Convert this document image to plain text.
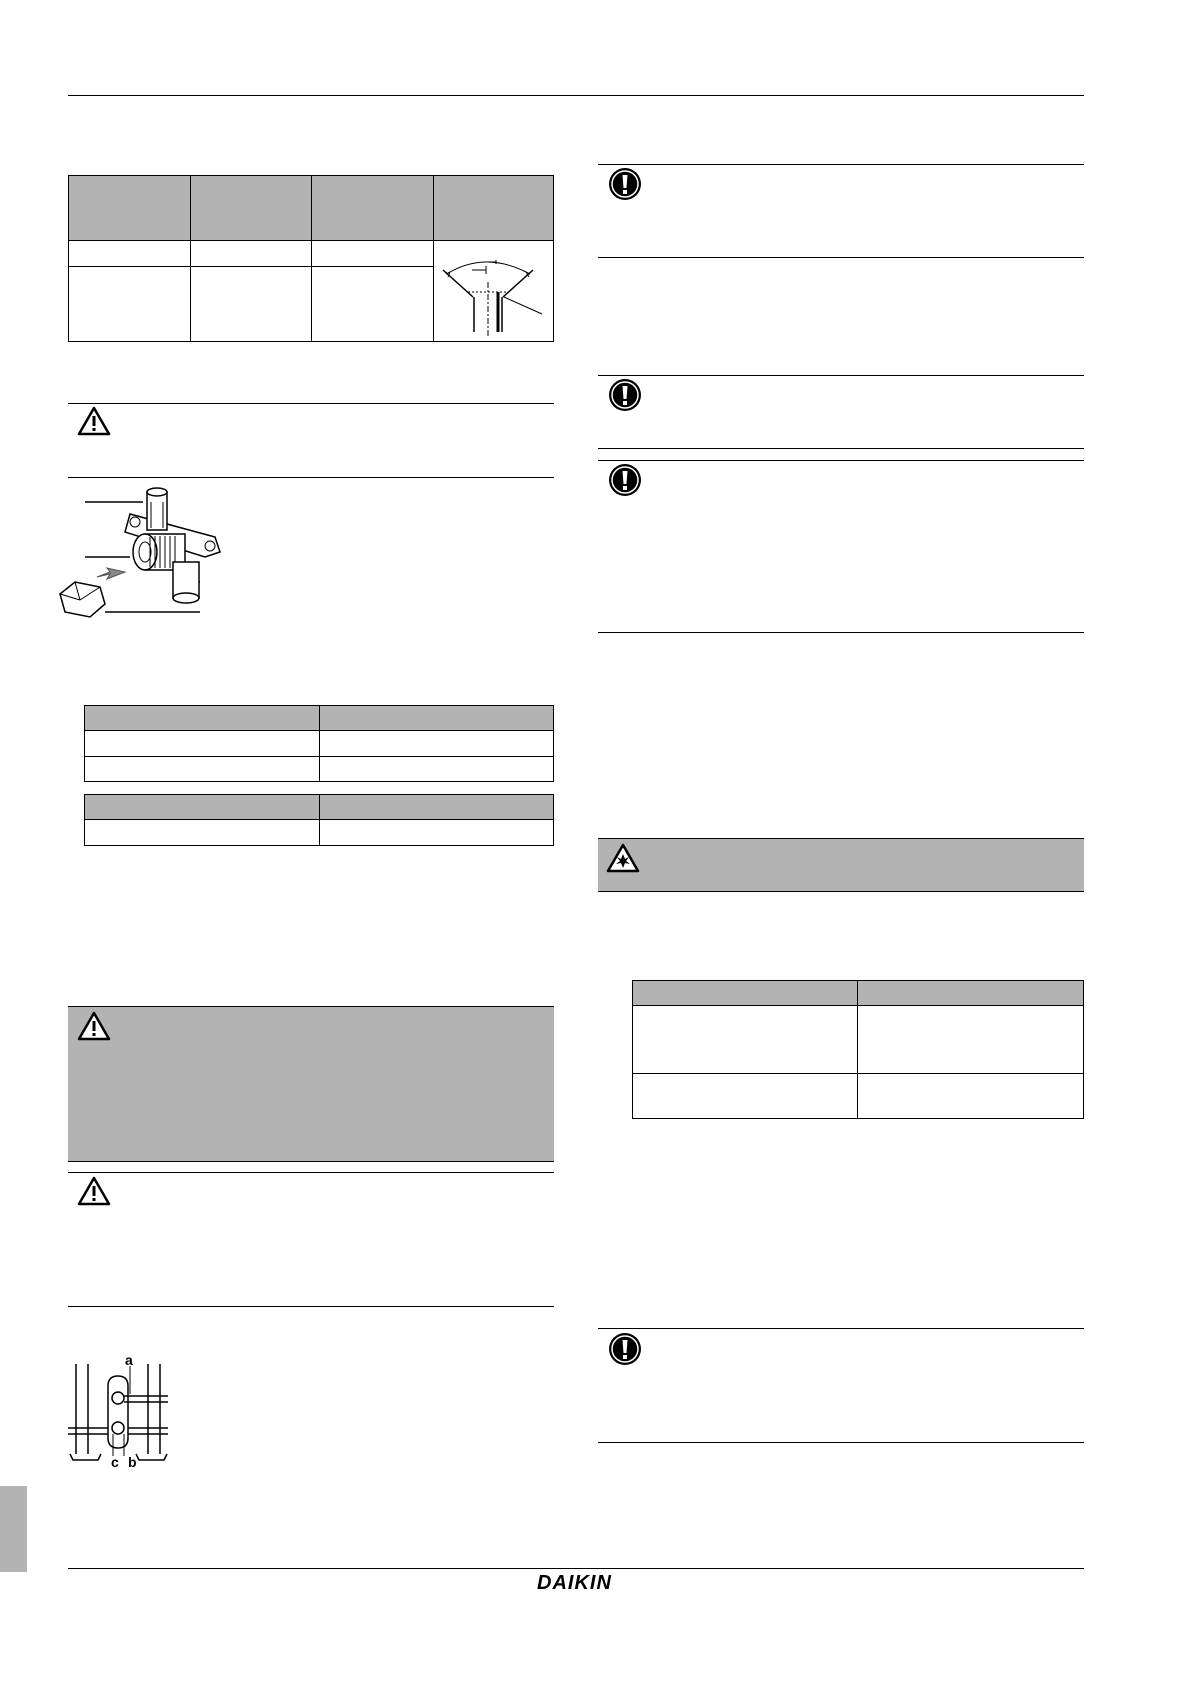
a
c b
DAIKIN
